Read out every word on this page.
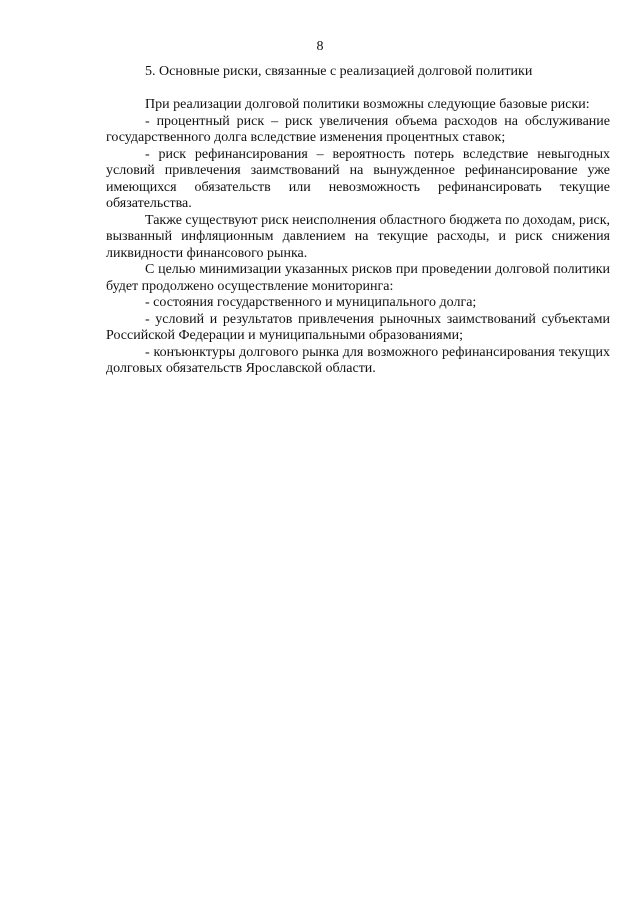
8
5. Основные риски, связанные с реализацией долговой политики

При реализации долговой политики возможны следующие базовые риски:

- процентный риск – риск увеличения объема расходов на обслуживание государственного долга вследствие изменения процентных ставок;

- риск рефинансирования – вероятность потерь вследствие невыгодных условий привлечения заимствований на вынужденное рефинансирование уже имеющихся обязательств или невозможность рефинансировать текущие обязательства.

Также существуют риск неисполнения областного бюджета по доходам, риск, вызванный инфляционным давлением на текущие расходы, и риск снижения ликвидности финансового рынка.

С целью минимизации указанных рисков при проведении долговой политики будет продолжено осуществление мониторинга:

- состояния государственного и муниципального долга;

- условий и результатов привлечения рыночных заимствований субъектами Российской Федерации и муниципальными образованиями;

- конъюнктуры долгового рынка для возможного рефинансирования текущих долговых обязательств Ярославской области.
